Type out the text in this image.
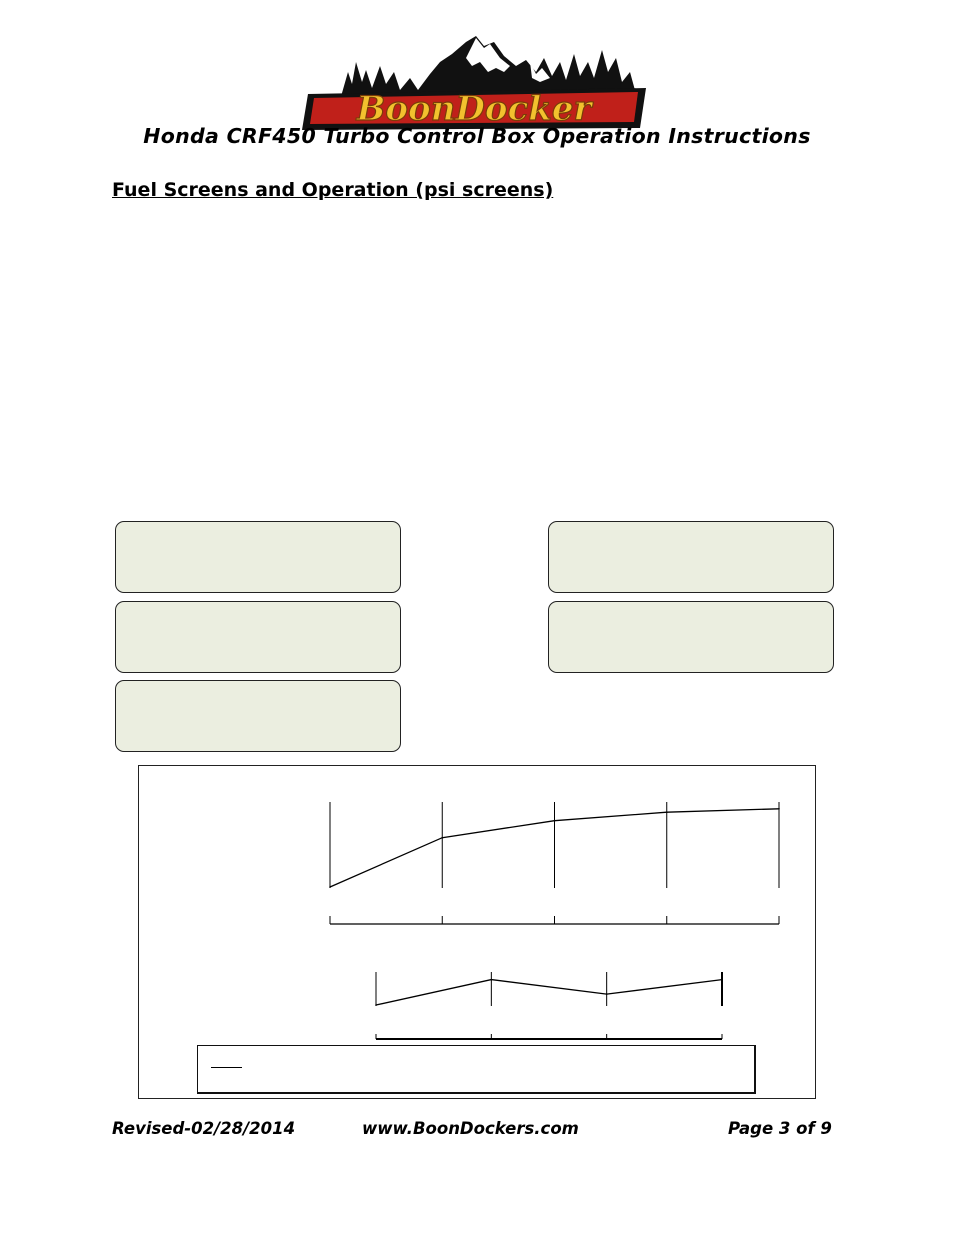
BoonDocker
Honda CRF450 Turbo Control Box Operation Instructions
Fuel Screens and Operation (psi screens)
Revised-02/28/2014	www.BoonDockers.com	Page 3 of 9
